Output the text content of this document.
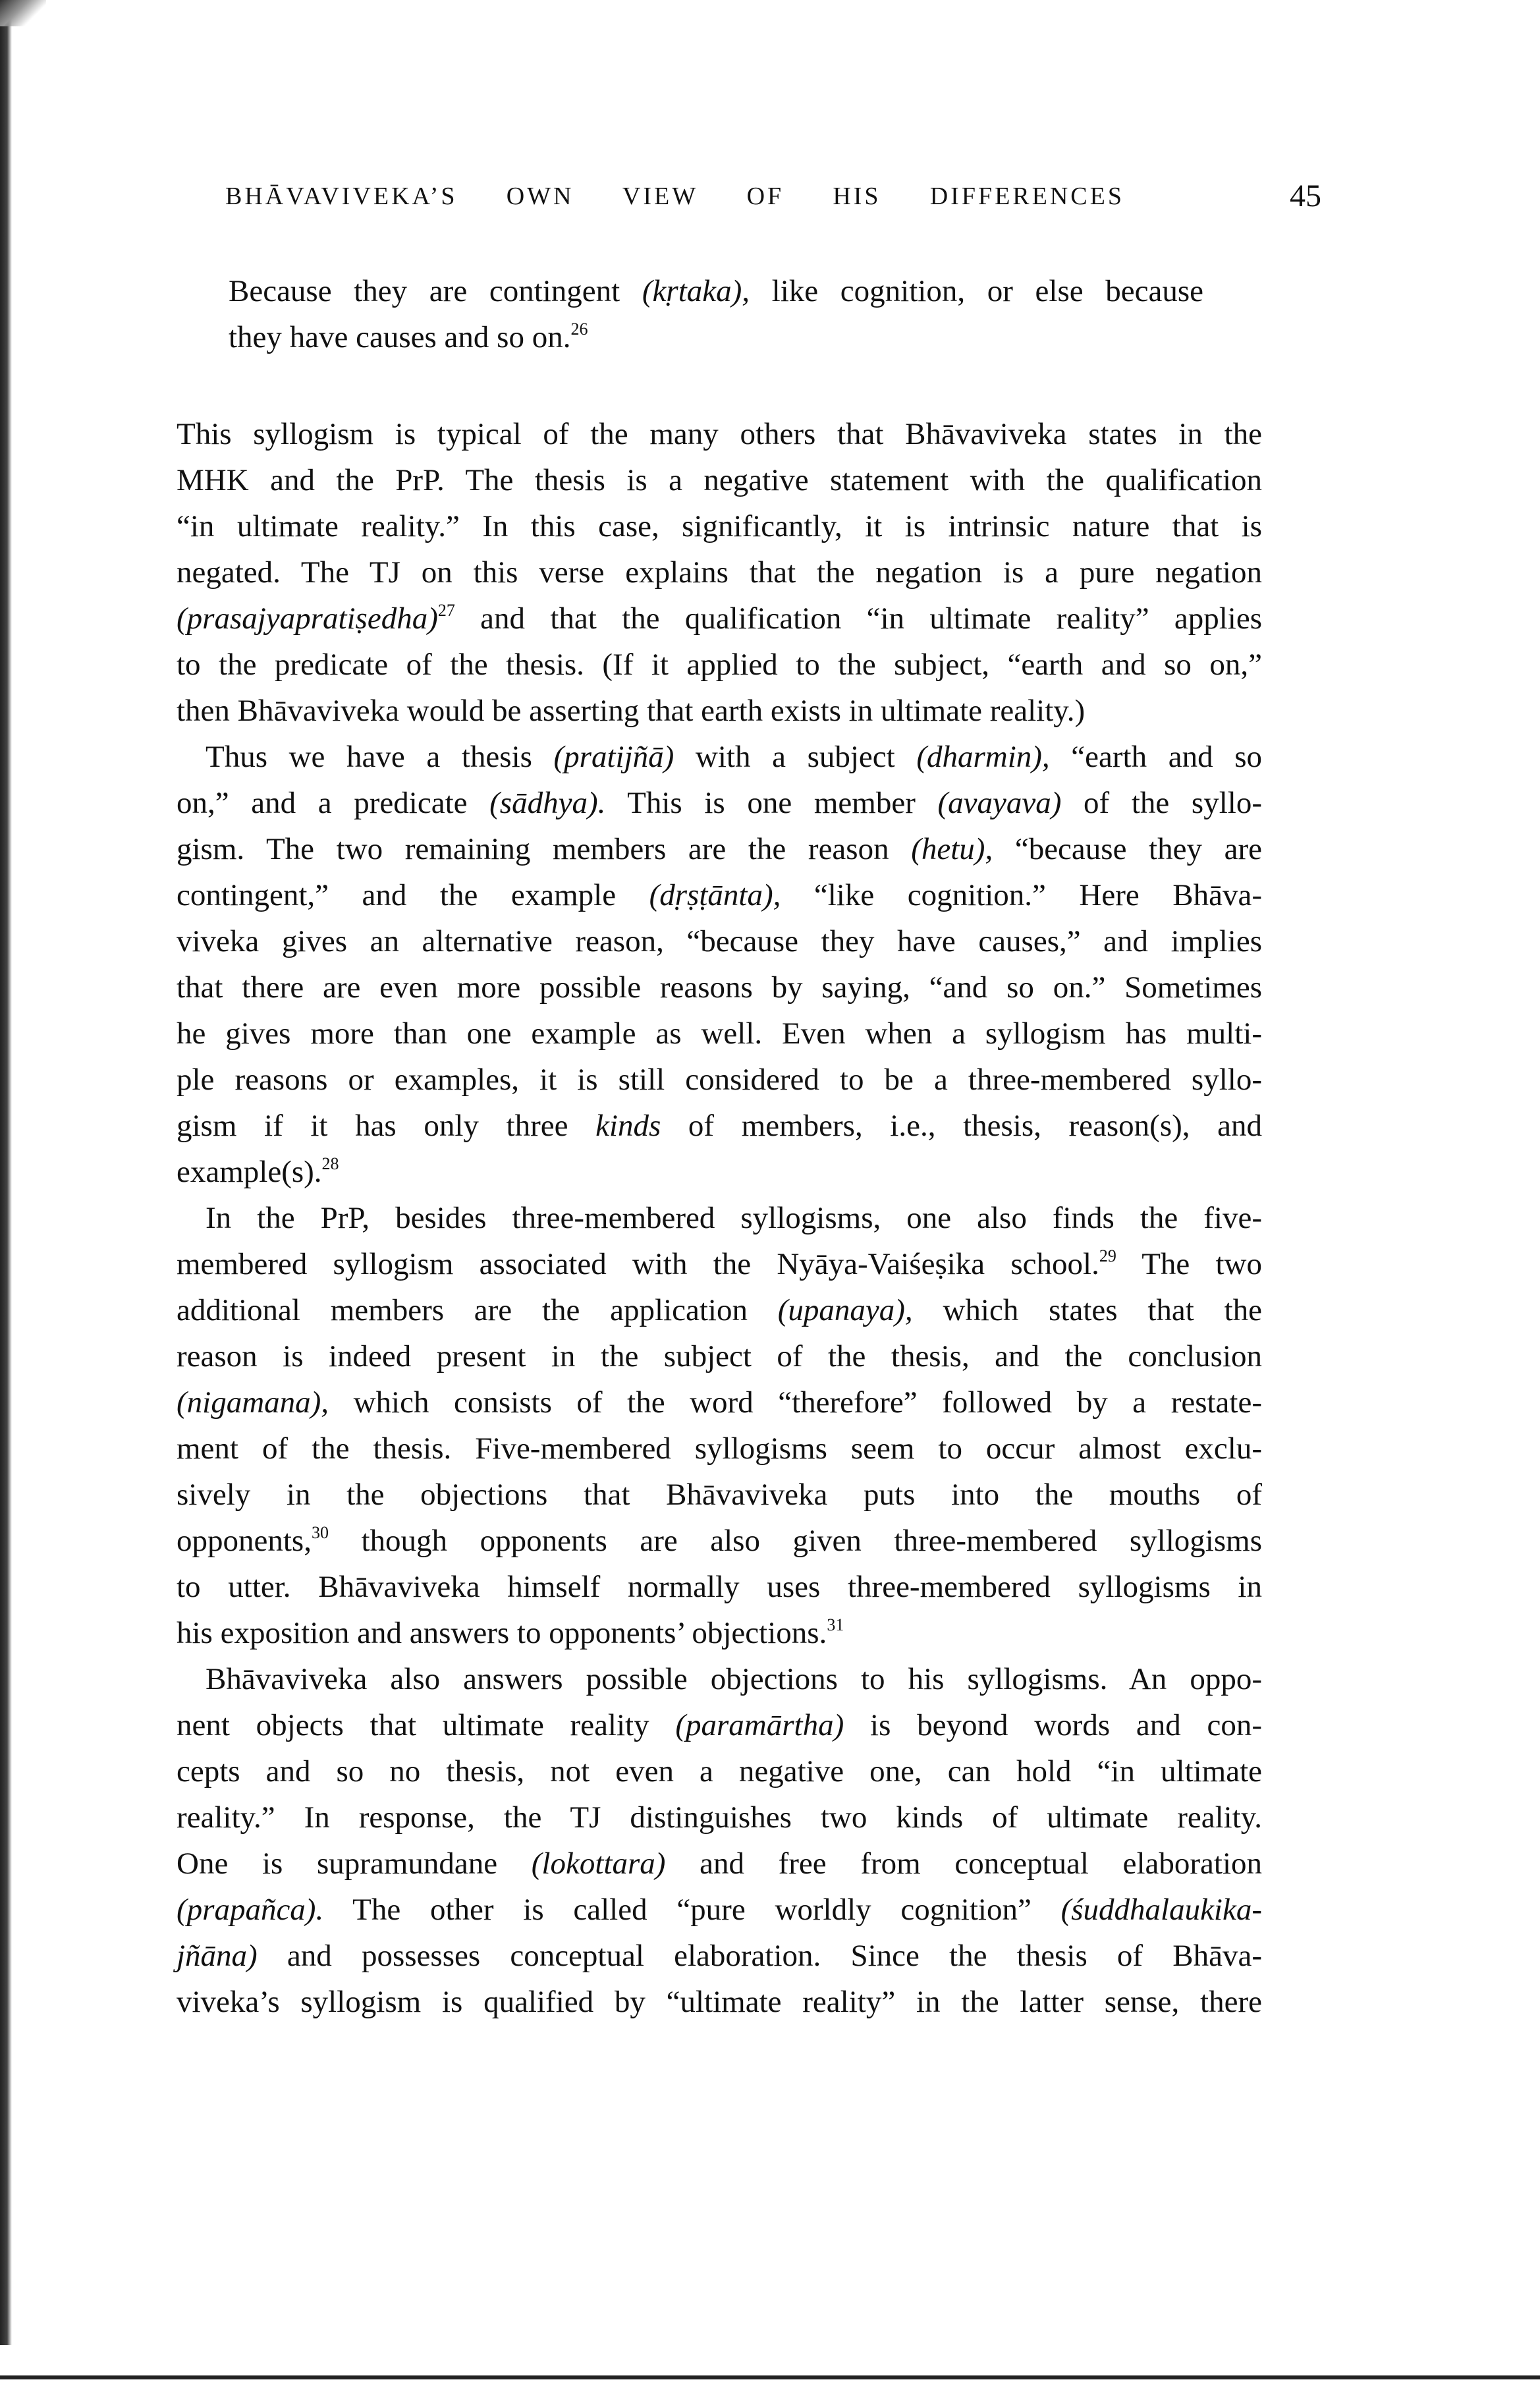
BHĀVAVIVEKA’S OWN VIEW OF HIS DIFFERENCES	45
Because they are contingent (kṛtaka), like cognition, or else because
they have causes and so on.$^{26}$
This syllogism is typical of the many others that Bhāvaviveka states in the
MHK and the PrP. The thesis is a negative statement with the qualification
“in ultimate reality.” In this case, significantly, it is intrinsic nature that is
negated. The TJ on this verse explains that the negation is a pure negation
(prasajyapratiṣedha)$^{27}$ and that the qualification “in ultimate reality” applies
to the predicate of the thesis. (If it applied to the subject, “earth and so on,”
then Bhāvaviveka would be asserting that earth exists in ultimate reality.)
Thus we have a thesis (pratijñā) with a subject (dharmin), “earth and so
on,” and a predicate (sādhya). This is one member (avayava) of the syllo-
gism. The two remaining members are the reason (hetu), “because they are
contingent,” and the example (dṛṣṭānta), “like cognition.” Here Bhāva-
viveka gives an alternative reason, “because they have causes,” and implies
that there are even more possible reasons by saying, “and so on.” Sometimes
he gives more than one example as well. Even when a syllogism has multi-
ple reasons or examples, it is still considered to be a three-membered syllo-
gism if it has only three kinds of members, i.e., thesis, reason(s), and
example(s).$^{28}$
In the PrP, besides three-membered syllogisms, one also finds the five-
membered syllogism associated with the Nyāya-Vaiśeṣika school.$^{29}$ The two
additional members are the application (upanaya), which states that the
reason is indeed present in the subject of the thesis, and the conclusion
(nigamana), which consists of the word “therefore” followed by a restate-
ment of the thesis. Five-membered syllogisms seem to occur almost exclu-
sively in the objections that Bhāvaviveka puts into the mouths of
opponents,$^{30}$ though opponents are also given three-membered syllogisms
to utter. Bhāvaviveka himself normally uses three-membered syllogisms in
his exposition and answers to opponents’ objections.$^{31}$
Bhāvaviveka also answers possible objections to his syllogisms. An oppo-
nent objects that ultimate reality (paramārtha) is beyond words and con-
cepts and so no thesis, not even a negative one, can hold “in ultimate
reality.” In response, the TJ distinguishes two kinds of ultimate reality.
One is supramundane (lokottara) and free from conceptual elaboration
(prapañca). The other is called “pure worldly cognition” (śuddhalaukika-
jñāna) and possesses conceptual elaboration. Since the thesis of Bhāva-
viveka’s syllogism is qualified by “ultimate reality” in the latter sense, there
